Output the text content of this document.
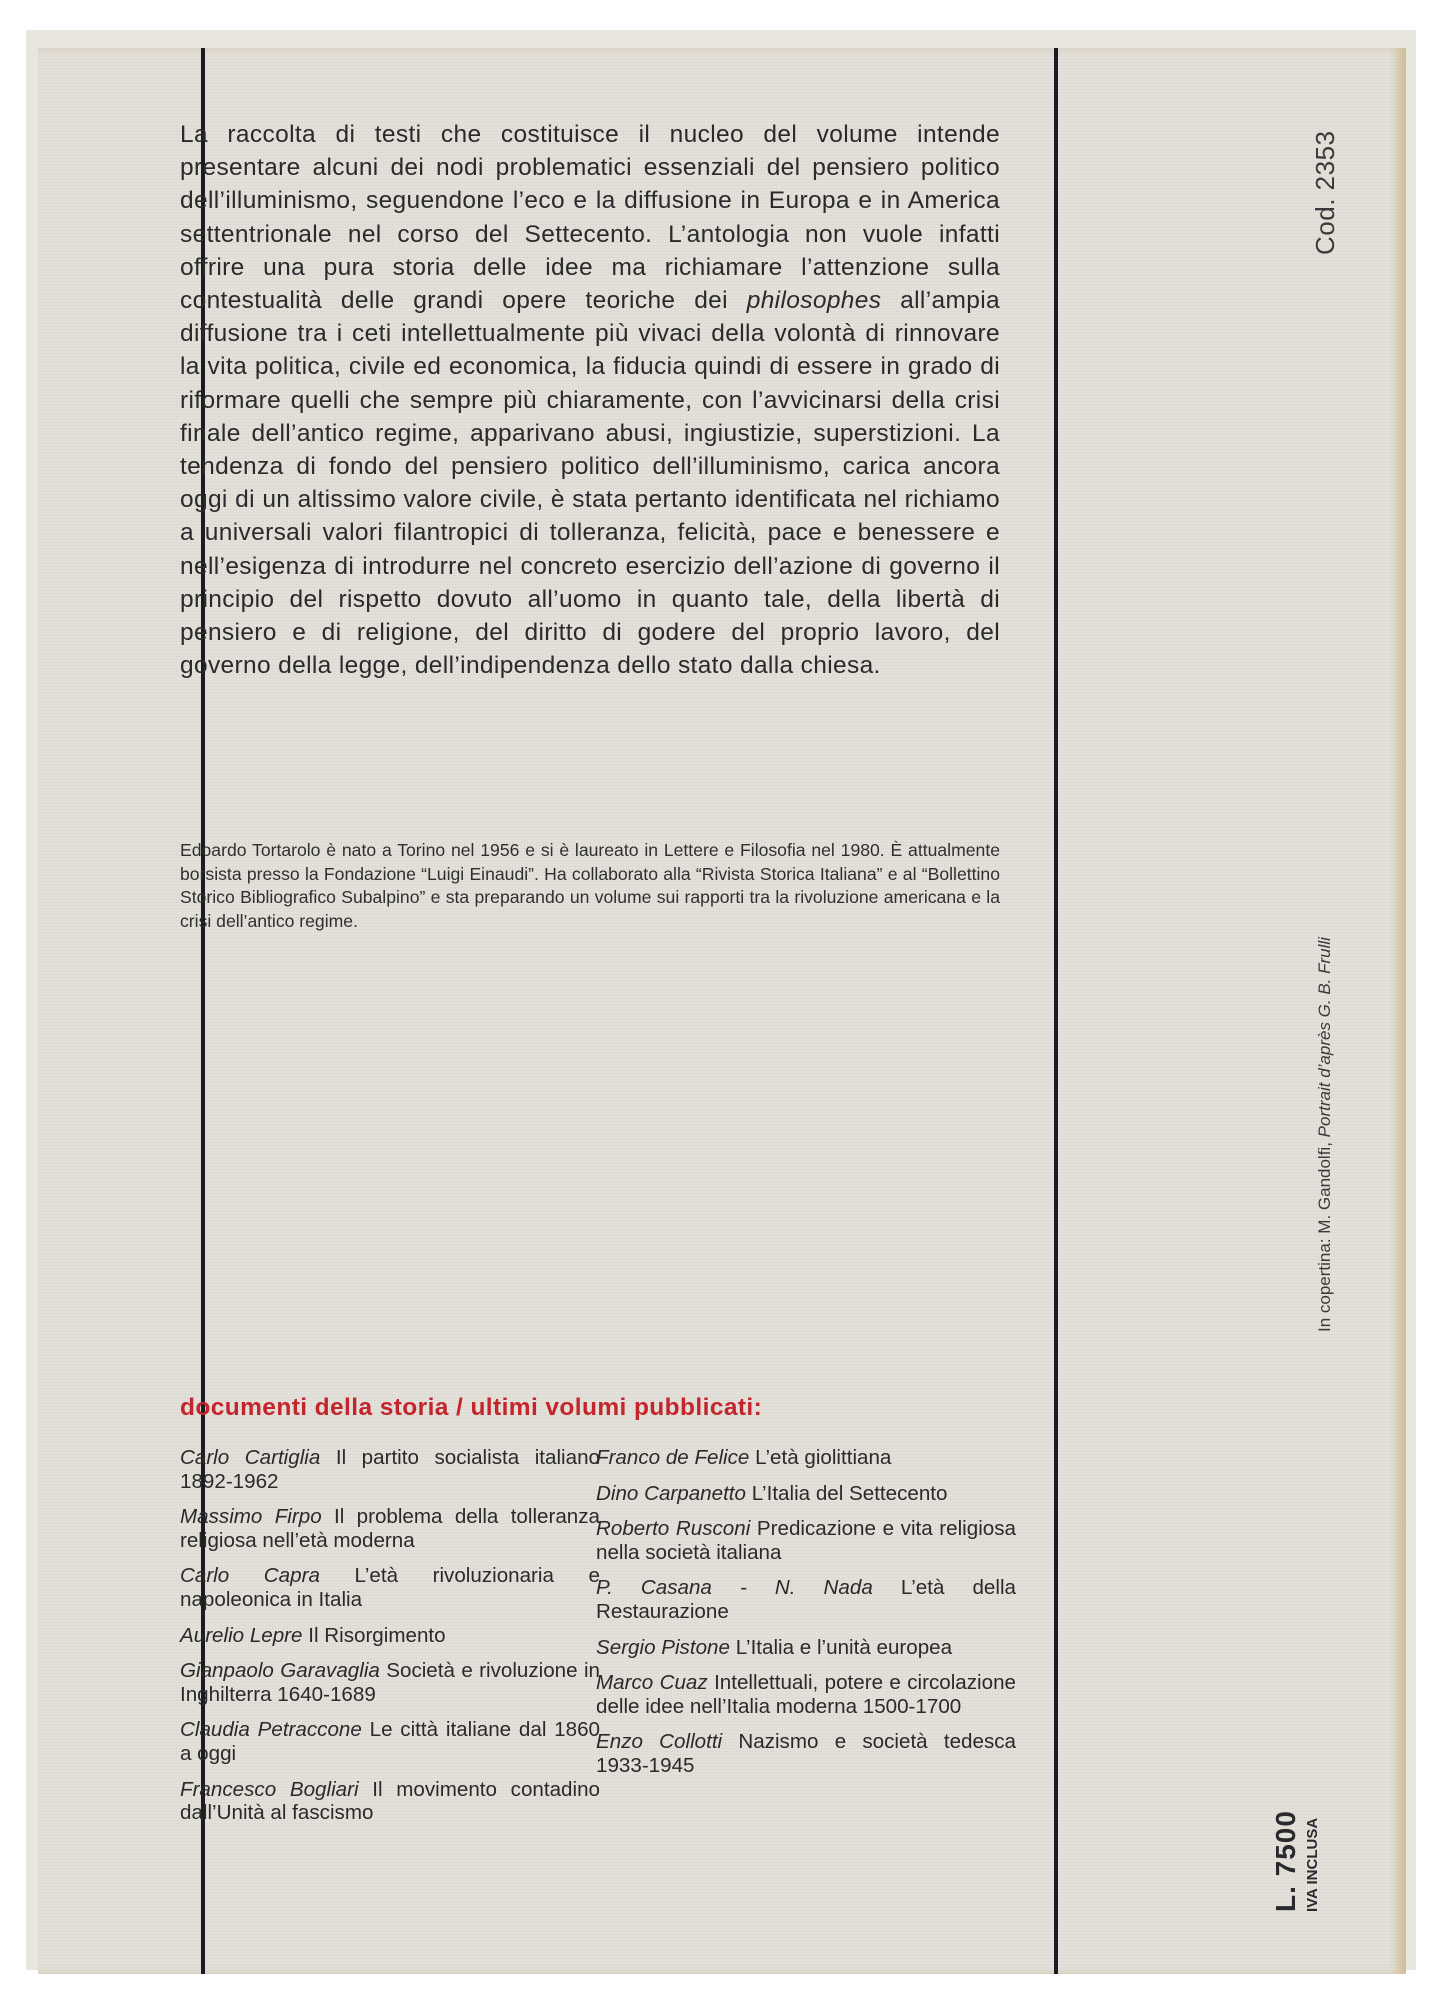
La raccolta di testi che costituisce il nucleo del volume intende presentare alcuni dei nodi problematici essenziali del pensiero politico dell’illuminismo, seguendone l’eco e la diffusione in Europa e in America settentrionale nel corso del Settecento. L’antologia non vuole infatti offrire una pura storia delle idee ma richiamare l’attenzione sulla contestualità delle grandi opere teoriche dei philosophes all’ampia diffusione tra i ceti intellettualmente più vivaci della volontà di rinnovare la vita politica, civile ed economica, la fiducia quindi di essere in grado di riformare quelli che sempre più chiaramente, con l’avvicinarsi della crisi finale dell’antico regime, apparivano abusi, ingiustizie, superstizioni. La tendenza di fondo del pensiero politico dell’illuminismo, carica ancora oggi di un altissimo valore civile, è stata pertanto identificata nel richiamo a universali valori filantropici di tolleranza, felicità, pace e benessere e nell’esigenza di introdurre nel concreto esercizio dell’azione di governo il principio del rispetto dovuto all’uomo in quanto tale, della libertà di pensiero e di religione, del diritto di godere del proprio lavoro, del governo della legge, dell’indipendenza dello stato dalla chiesa.

Edoardo Tortarolo è nato a Torino nel 1956 e si è laureato in Lettere e Filosofia nel 1980. È attualmente borsista presso la Fondazione “Luigi Einaudi”. Ha collaborato alla “Rivista Storica Italiana” e al “Bollettino Storico Bibliografico Subalpino” e sta preparando un volume sui rapporti tra la rivoluzione americana e la crisi dell’antico regime.

documenti della storia / ultimi volumi pubblicati:

Carlo Cartiglia Il partito socialista italiano 1892-1962

Massimo Firpo Il problema della tolleranza religiosa nell’età moderna

Carlo Capra L’età rivoluzionaria e napoleonica in Italia

Aurelio Lepre Il Risorgimento

Gianpaolo Garavaglia Società e rivoluzione in Inghilterra 1640-1689

Claudia Petraccone Le città italiane dal 1860 a oggi

Francesco Bogliari Il movimento contadino dall’Unità al fascismo

Franco de Felice L’età giolittiana

Dino Carpanetto L’Italia del Settecento

Roberto Rusconi Predicazione e vita religiosa nella società italiana

P. Casana - N. Nada L’età della Restaurazione

Sergio Pistone L’Italia e l’unità europea

Marco Cuaz Intellettuali, potere e circolazione delle idee nell’Italia moderna 1500-1700

Enzo Collotti Nazismo e società tedesca 1933-1945

Cod. 2353
In copertina: M. Gandolfi, Portrait d’après G. B. Frulli
L. 7500 IVA INCLUSA
